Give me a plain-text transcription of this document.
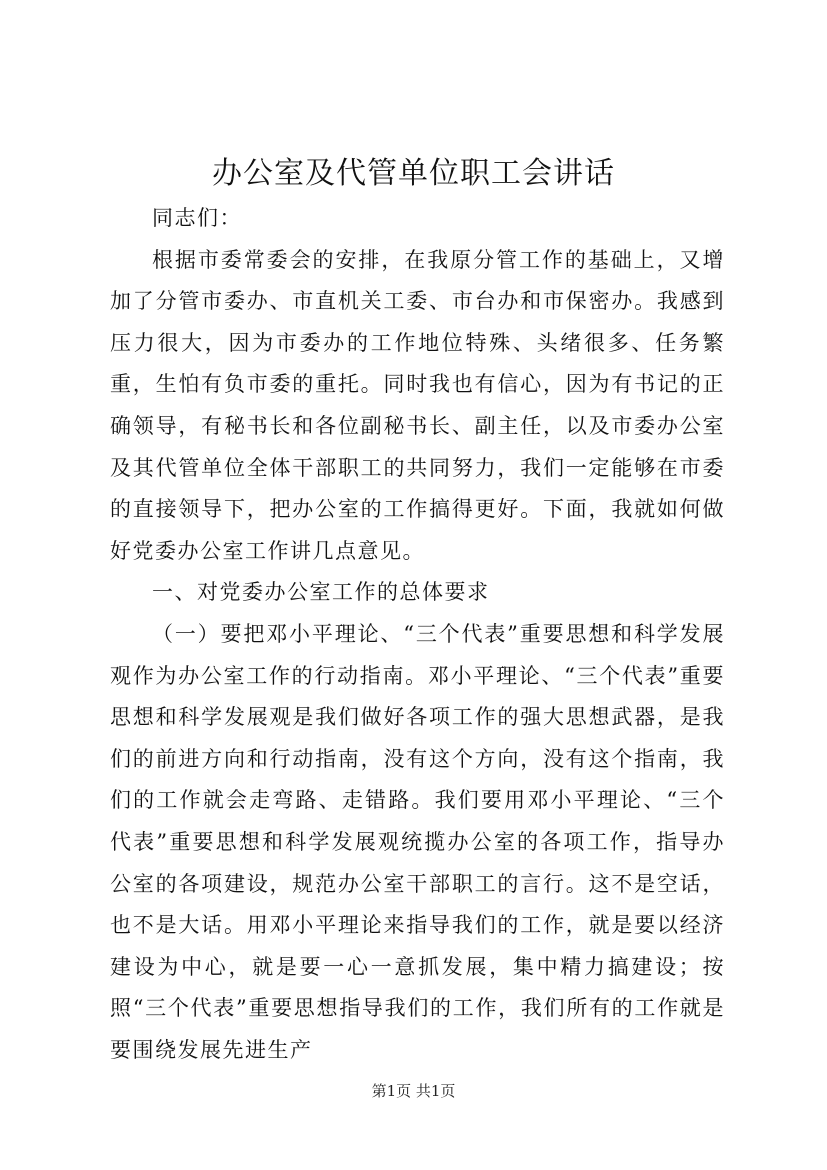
办公室及代管单位职工会讲话

同志们：

根据市委常委会的安排，在我原分管工作的基础上，又增加了分管市委办、市直机关工委、市台办和市保密办。我感到压力很大，因为市委办的工作地位特殊、头绪很多、任务繁重，生怕有负市委的重托。同时我也有信心，因为有书记的正确领导，有秘书长和各位副秘书长、副主任，以及市委办公室及其代管单位全体干部职工的共同努力，我们一定能够在市委的直接领导下，把办公室的工作搞得更好。下面，我就如何做好党委办公室工作讲几点意见。

一、对党委办公室工作的总体要求

（一）要把邓小平理论、“三个代表”重要思想和科学发展观作为办公室工作的行动指南。邓小平理论、“三个代表”重要思想和科学发展观是我们做好各项工作的强大思想武器，是我们的前进方向和行动指南，没有这个方向，没有这个指南，我们的工作就会走弯路、走错路。我们要用邓小平理论、“三个代表”重要思想和科学发展观统揽办公室的各项工作，指导办公室的各项建设，规范办公室干部职工的言行。这不是空话，也不是大话。用邓小平理论来指导我们的工作，就是要以经济建设为中心，就是要一心一意抓发展，集中精力搞建设；按照“三个代表”重要思想指导我们的工作，我们所有的工作就是要围绕发展先进生产

第1页 共1页
